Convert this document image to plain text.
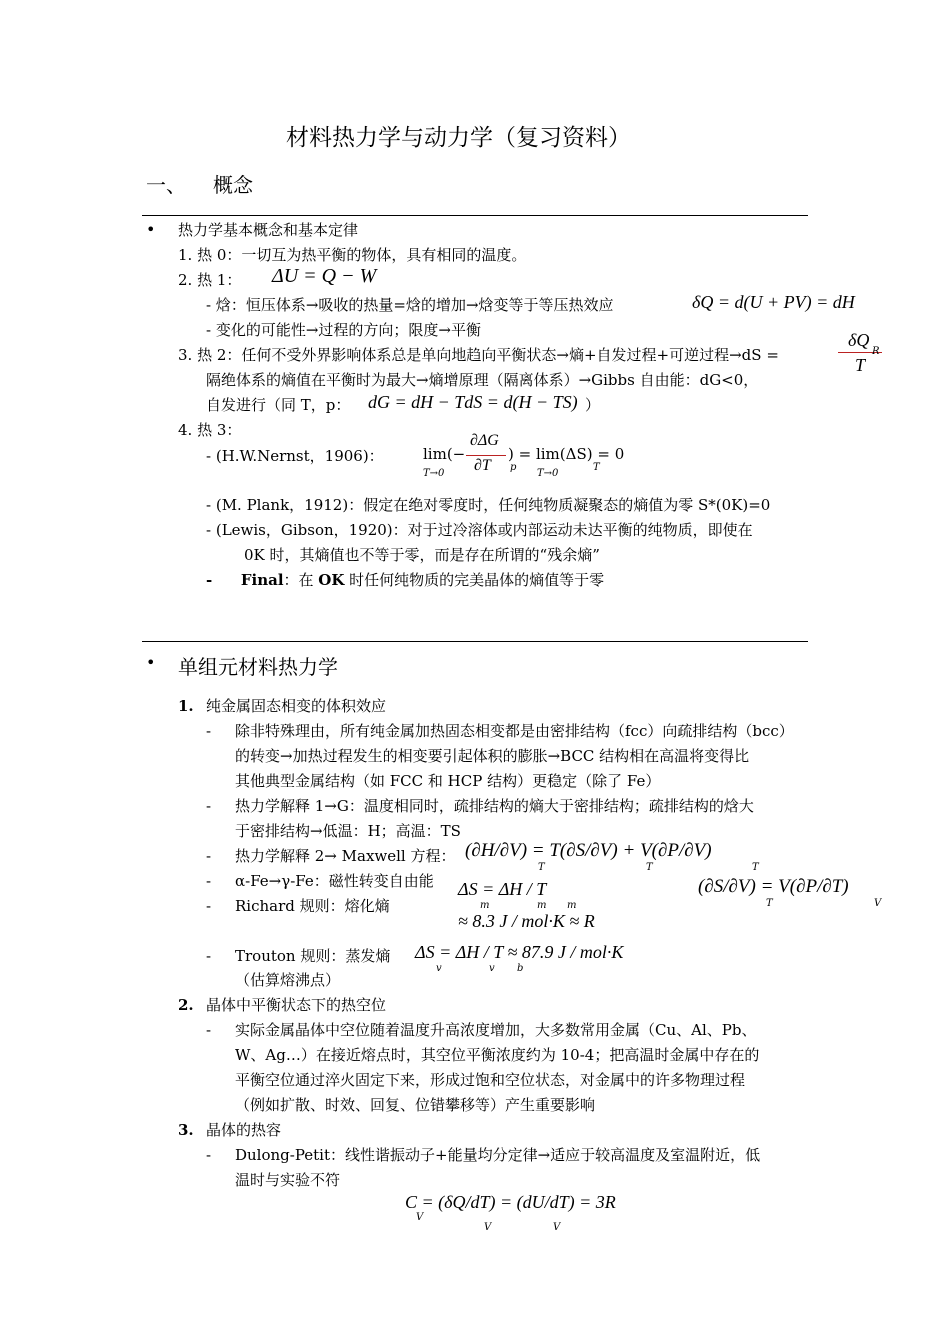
材料热力学与动力学（复习资料）
一、 概念
• 热力学基本概念和基本定律
1. 热 0：一切互为热平衡的物体，具有相同的温度。
2. 热 1： ΔU = Q − W
- 焓：恒压体系→吸收的热量=焓的增加→焓变等于等压热效应	δQ = d(U + PV) = dH
- 变化的可能性→过程的方向；限度→平衡
3. 热 2：任何不受外界影响体系总是单向地趋向平衡状态→熵+自发过程+可逆过程→dS =
δQ
R
T
隔绝体系的熵值在平衡时为最大→熵增原理（隔离体系）→Gibbs 自由能：dG<0，
自发进行（同 T，p： dG = dH − TdS = d(H − TS) ）
4. 热 3：
- (H.W.Nernst，1906)：	lim(−
∂ΔG
∂T
) = lim(ΔS) = 0
T→0
p
T→0
T
- (M. Plank，1912)：假定在绝对零度时，任何纯物质凝聚态的熵值为零 S*(0K)=0
- (Lewis，Gibson，1920)：对于过冷溶体或内部运动未达平衡的纯物质，即使在
0K 时，其熵值也不等于零，而是存在所谓的“残余熵”
- Final：在 OK 时任何纯物质的完美晶体的熵值等于零
• 单组元材料热力学
1. 纯金属固态相变的体积效应
- 除非特殊理由，所有纯金属加热固态相变都是由密排结构（fcc）向疏排结构（bcc）
的转变→加热过程发生的相变要引起体积的膨胀→BCC 结构相在高温将变得比
其他典型金属结构（如 FCC 和 HCP 结构）更稳定（除了 Fe）
- 热力学解释 1→G：温度相同时，疏排结构的熵大于密排结构；疏排结构的焓大
于密排结构→低温：H；高温：TS
- 热力学解释 2→ Maxwell 方程： (∂H/∂V) = T(∂S/∂V) + V(∂P/∂V)
T	T	T
- α-Fe→γ-Fe：磁性转变自由能	(∂S/∂V) = V(∂P/∂T)
T	V
- Richard 规则：熔化熵
ΔS = ΔH / T
m	m m
≈ 8.3 J / mol·K ≈ R
- Trouton 规则：蒸发熵 ΔS = ΔH / T ≈ 87.9 J / mol·K
v	v b
（估算熔沸点）
2. 晶体中平衡状态下的热空位
- 实际金属晶体中空位随着温度升高浓度增加，大多数常用金属（Cu、Al、Pb、
W、Ag…）在接近熔点时，其空位平衡浓度约为 10-4；把高温时金属中存在的
平衡空位通过淬火固定下来，形成过饱和空位状态，对金属中的许多物理过程
（例如扩散、时效、回复、位错攀移等）产生重要影响
3. 晶体的热容
- Dulong-Petit：线性谐振动子+能量均分定律→适应于较高温度及室温附近，低
温时与实验不符
C = (δQ/dT) = (dU/dT) = 3R
V
V	V
